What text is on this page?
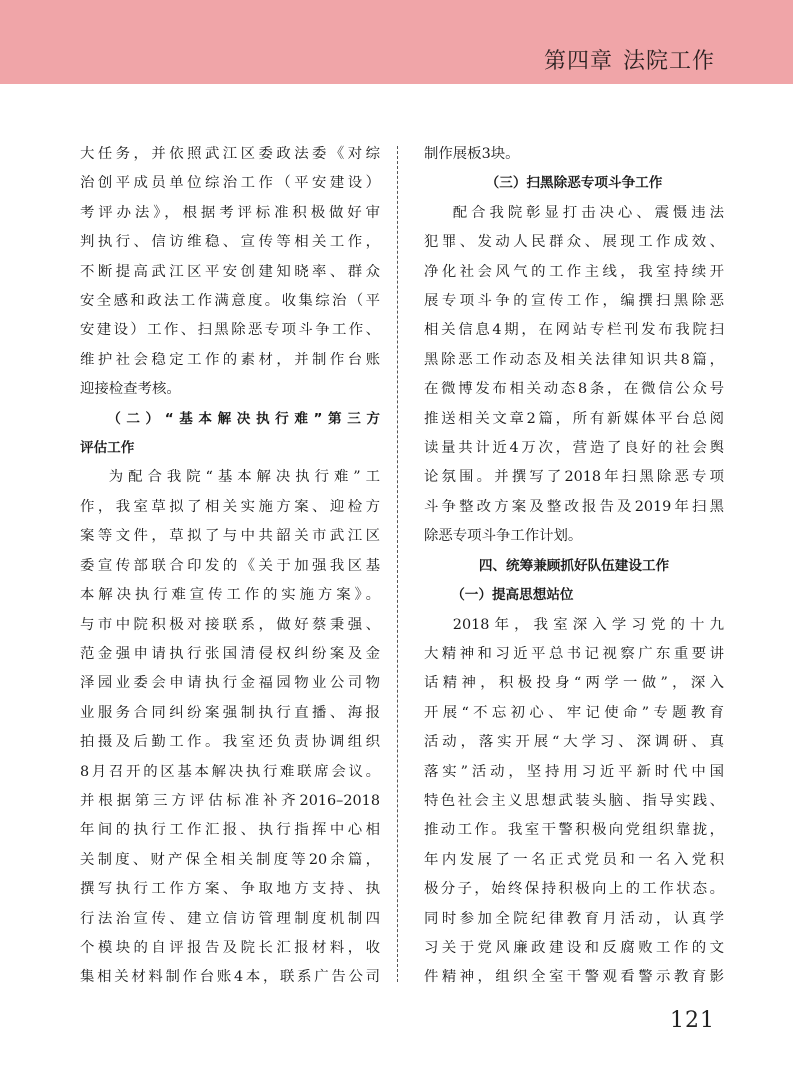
第四章 法院工作

大任务，并依照武江区委政法委《对综

治创平成员单位综治工作（平安建设）

考评办法》，根据考评标准积极做好审

判执行、信访维稳、宣传等相关工作，

不断提高武江区平安创建知晓率、群众

安全感和政法工作满意度。收集综治（平

安建设）工作、扫黑除恶专项斗争工作、

维护社会稳定工作的素材，并制作台账

迎接检查考核。

（二）“基本解决执行难”第三方

评估工作

为配合我院“基本解决执行难”工

作，我室草拟了相关实施方案、迎检方

案等文件，草拟了与中共韶关市武江区

委宣传部联合印发的《关于加强我区基

本解决执行难宣传工作的实施方案》。

与市中院积极对接联系，做好蔡秉强、

范金强申请执行张国清侵权纠纷案及金

泽园业委会申请执行金福园物业公司物

业服务合同纠纷案强制执行直播、海报

拍摄及后勤工作。我室还负责协调组织

8月召开的区基本解决执行难联席会议。

并根据第三方评估标准补齐2016–2018

年间的执行工作汇报、执行指挥中心相

关制度、财产保全相关制度等20余篇，

撰写执行工作方案、争取地方支持、执

行法治宣传、建立信访管理制度机制四

个模块的自评报告及院长汇报材料，收

集相关材料制作台账4本，联系广告公司

制作展板3块。

（三）扫黑除恶专项斗争工作

配合我院彰显打击决心、震慑违法

犯罪、发动人民群众、展现工作成效、

净化社会风气的工作主线，我室持续开

展专项斗争的宣传工作，编撰扫黑除恶

相关信息4期，在网站专栏刊发布我院扫

黑除恶工作动态及相关法律知识共8篇，

在微博发布相关动态8条，在微信公众号

推送相关文章2篇，所有新媒体平台总阅

读量共计近4万次，营造了良好的社会舆

论氛围。并撰写了2018年扫黑除恶专项

斗争整改方案及整改报告及2019年扫黑

除恶专项斗争工作计划。

四、统筹兼顾抓好队伍建设工作

（一）提高思想站位

2018年，我室深入学习党的十九

大精神和习近平总书记视察广东重要讲

话精神，积极投身“两学一做”，深入

开展“不忘初心、牢记使命”专题教育

活动，落实开展“大学习、深调研、真

落实”活动，坚持用习近平新时代中国

特色社会主义思想武装头脑、指导实践、

推动工作。我室干警积极向党组织靠拢，

年内发展了一名正式党员和一名入党积

极分子，始终保持积极向上的工作状态。

同时参加全院纪律教育月活动，认真学

习关于党风廉政建设和反腐败工作的文

件精神，组织全室干警观看警示教育影

121
